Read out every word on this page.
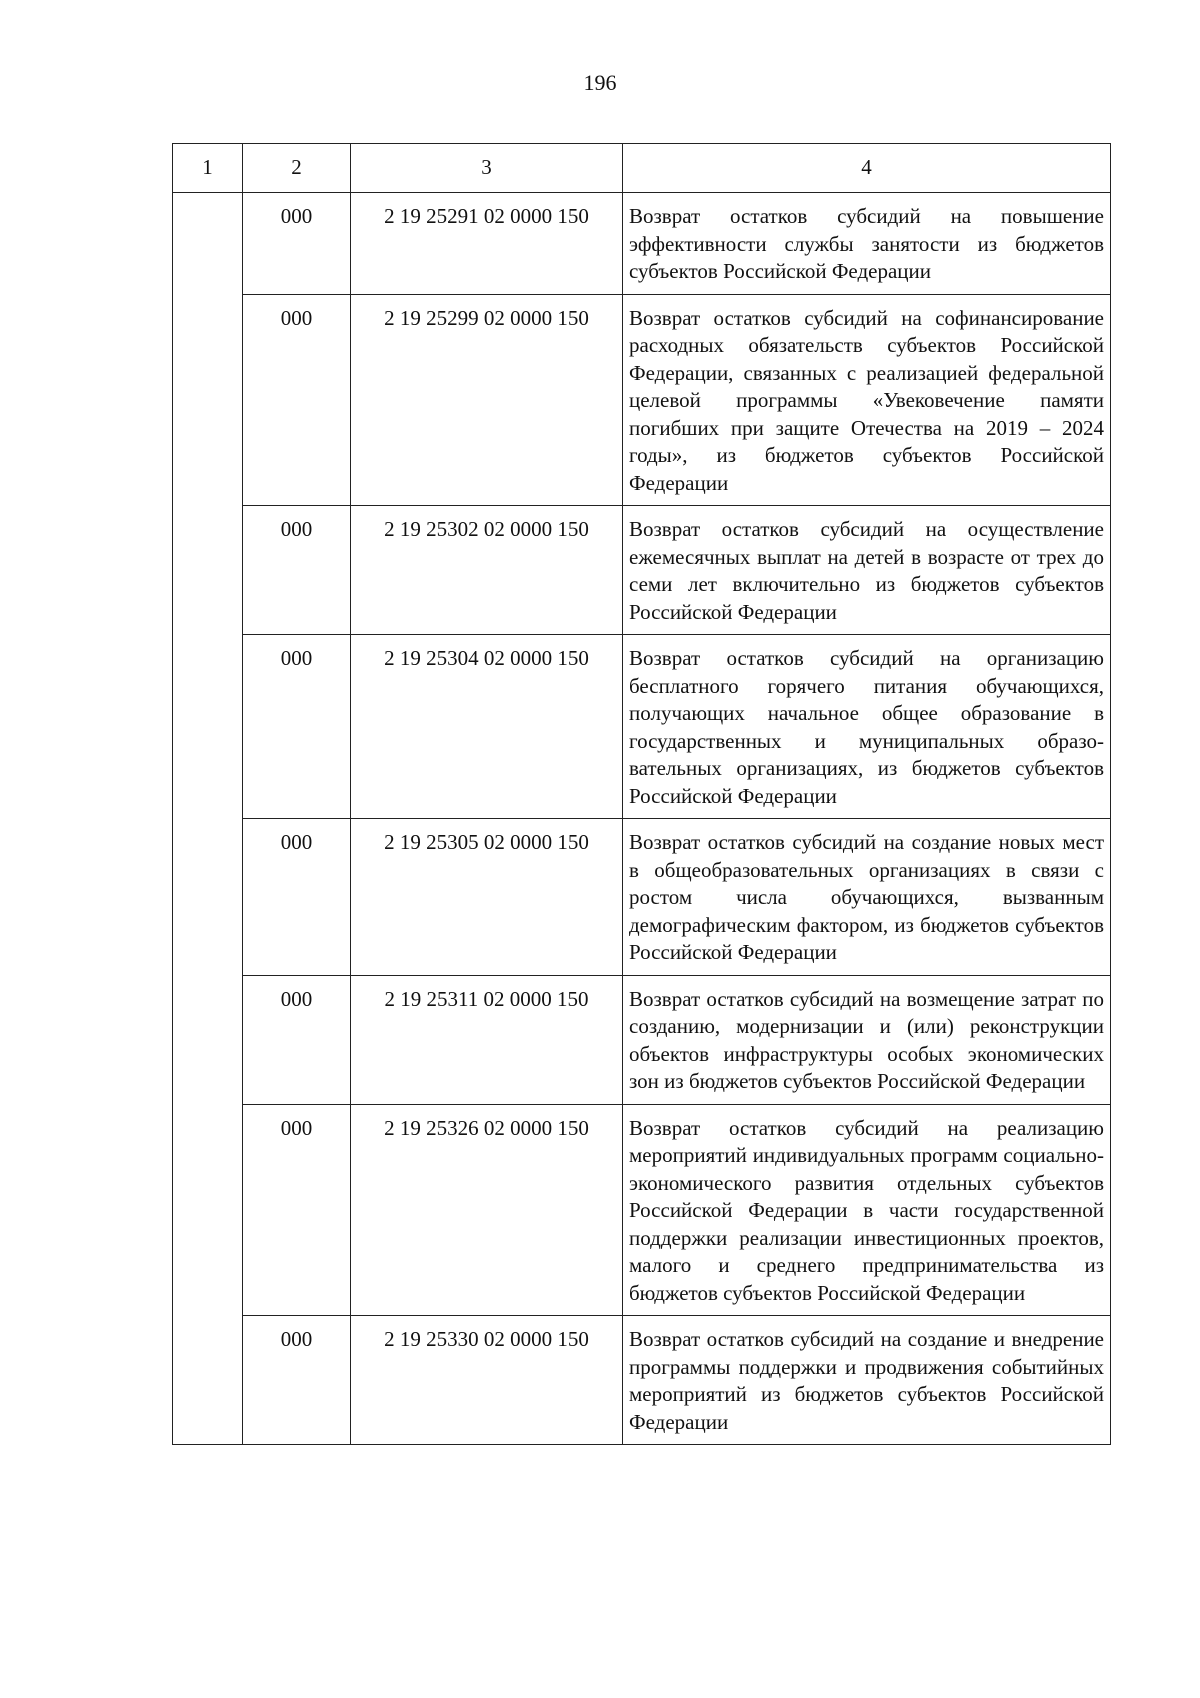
196
1	2	3	4
	000	2 19 25291 02 0000 150	Возврат остатков субсидий на повышение эффективности службы занятости из бюджетов субъектов Российской Федерации
	000	2 19 25299 02 0000 150	Возврат остатков субсидий на софинансирование расходных обязательств субъектов Российской Федерации, связанных с реализацией федеральной целевой программы «Увековечение памяти погибших при защите Отечества на 2019 – 2024 годы», из бюджетов субъектов Российской Федерации
	000	2 19 25302 02 0000 150	Возврат остатков субсидий на осуществление ежемесячных выплат на детей в возрасте от трех до семи лет включительно из бюджетов субъектов Российской Федерации
	000	2 19 25304 02 0000 150	Возврат остатков субсидий на организацию бесплатного горячего питания обучающихся, получающих начальное общее образование в государственных и муниципальных образовательных организациях, из бюджетов субъектов Российской Федерации
	000	2 19 25305 02 0000 150	Возврат остатков субсидий на создание новых мест в общеобразовательных организациях в связи с ростом числа обучающихся, вызванным демографическим фактором, из бюджетов субъектов Российской Федерации
	000	2 19 25311 02 0000 150	Возврат остатков субсидий на возмещение затрат по созданию, модернизации и (или) реконструкции объектов инфраструктуры особых экономических зон из бюджетов субъектов Российской Федерации
	000	2 19 25326 02 0000 150	Возврат остатков субсидий на реализацию мероприятий индивидуальных программ социально-экономического развития отдельных субъектов Российской Федерации в части государственной поддержки реализации инвестиционных проектов, малого и среднего предпринимательства из бюджетов субъектов Российской Федерации
	000	2 19 25330 02 0000 150	Возврат остатков субсидий на создание и внедрение программы поддержки и продвижения событийных мероприятий из бюджетов субъектов Российской Федерации
